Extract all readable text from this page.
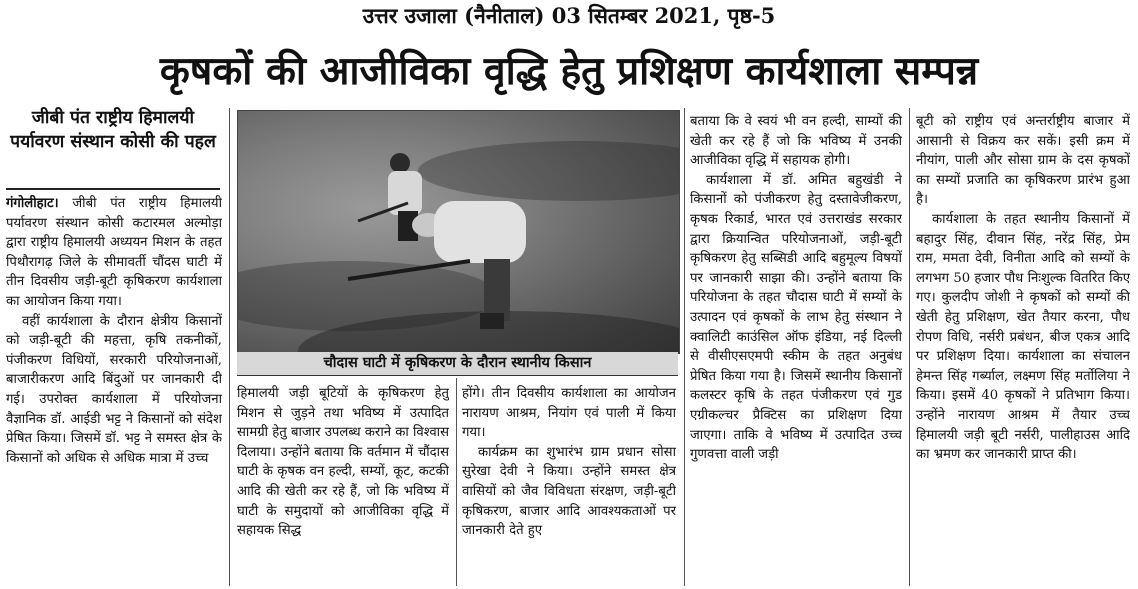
उत्तर उजाला (नैनीताल) 03 सितम्बर 2021, पृष्ठ-5
कृषकों की आजीविका वृद्धि हेतु प्रशिक्षण कार्यशाला सम्पन्न
जीबी पंत राष्ट्रीय हिमालयी पर्यावरण संस्थान कोसी की पहल

गंगोलीहाट। जीबी पंत राष्ट्रीय हिमालयी पर्यावरण संस्थान कोसी कटारमल अल्मोड़ा द्वारा राष्ट्रीय हिमालयी अध्ययन मिशन के तहत पिथौरागढ़ जिले के सीमावर्ती चौंदस घाटी में तीन दिवसीय जड़ी-बूटी कृषिकरण कार्यशाला का आयोजन किया गया।

वहीं कार्यशाला के दौरान क्षेत्रीय किसानों को जड़ी-बूटी की महत्ता, कृषि तकनीकों, पंजीकरण विधियों, सरकारी परियोजनाओं, बाजारीकरण आदि बिंदुओं पर जानकारी दी गई। उपरोक्त कार्यशाला में परियोजना वैज्ञानिक डॉ. आईडी भट्ट ने किसानों को संदेश प्रेषित किया। जिसमें डॉ. भट्ट ने समस्त क्षेत्र के किसानों को अधिक से अधिक मात्रा में उच्च

चौदास घाटी में कृषिकरण के दौरान स्थानीय किसान

हिमालयी जड़ी बूटियों के कृषिकरण हेतु मिशन से जुड़ने तथा भविष्य में उत्पादित सामग्री हेतु बाजार उपलब्ध कराने का विश्वास दिलाया। उन्होंने बताया कि वर्तमान में चौंदास घाटी के कृषक वन हल्दी, सम्यों, कूट, कटकी आदि की खेती कर रहे हैं, जो कि भविष्य में घाटी के समुदायों को आजीविका वृद्धि में सहायक सिद्ध

होंगे। तीन दिवसीय कार्यशाला का आयोजन नारायण आश्रम, नियांग एवं पाली में किया गया।

कार्यक्रम का शुभारंभ ग्राम प्रधान सोसा सुरेखा देवी ने किया। उन्होंने समस्त क्षेत्र वासियों को जैव विविधता संरक्षण, जड़ी-बूटी कृषिकरण, बाजार आदि आवश्यकताओं पर जानकारी देते हुए

बताया कि वे स्वयं भी वन हल्दी, साम्यों की खेती कर रहे हैं जो कि भविष्य में उनकी आजीविका वृद्धि में सहायक होगी।

कार्यशाला में डॉ. अमित बहुखंडी ने किसानों को पंजीकरण हेतु दस्तावेजीकरण, कृषक रिकार्ड, भारत एवं उत्तराखंड सरकार द्वारा क्रियान्वित परियोजनाओं, जड़ी-बूटी कृषिकरण हेतु सब्सिडी आदि बहुमूल्य विषयों पर जानकारी साझा की। उन्होंने बताया कि परियोजना के तहत चौदास घाटी में सम्यों के उत्पादन एवं कृषकों के लाभ हेतु संस्थान ने क्वालिटी काउंसिल ऑफ इंडिया, नई दिल्ली से वीसीएसएमपी स्कीम के तहत अनुबंध प्रेषित किया गया है। जिसमें स्थानीय किसानों कलस्टर कृषि के तहत पंजीकरण एवं गुड एग्रीकल्चर प्रैक्टिस का प्रशिक्षण दिया जाएगा। ताकि वे भविष्य में उत्पादित उच्च गुणवत्ता वाली जड़ी

बूटी को राष्ट्रीय एवं अन्तर्राष्ट्रीय बाजार में आसानी से विक्रय कर सकें। इसी क्रम में नीयांग, पाली और सोसा ग्राम के दस कृषकों का सम्यों प्रजाति का कृषिकरण प्रारंभ हुआ है।

कार्यशाला के तहत स्थानीय किसानों में बहादुर सिंह, दीवान सिंह, नरेंद्र सिंह, प्रेम राम, ममता देवी, विनीता आदि को सम्यों के लगभग 50 हजार पौध निःशुल्क वितरित किए गए। कुलदीप जोशी ने कृषकों को सम्यों की खेती हेतु प्रशिक्षण, खेत तैयार करना, पौध रोपण विधि, नर्सरी प्रबंधन, बीज एकत्र आदि पर प्रशिक्षण दिया। कार्यशाला का संचालन हेमन्त सिंह गर्ब्याल, लक्ष्मण सिंह मर्तोलिया ने किया। इसमें 40 कृषकों ने प्रतिभाग किया। उन्होंने नारायण आश्रम में तैयार उच्च हिमालयी जड़ी बूटी नर्सरी, पालीहाउस आदि का भ्रमण कर जानकारी प्राप्त की।
